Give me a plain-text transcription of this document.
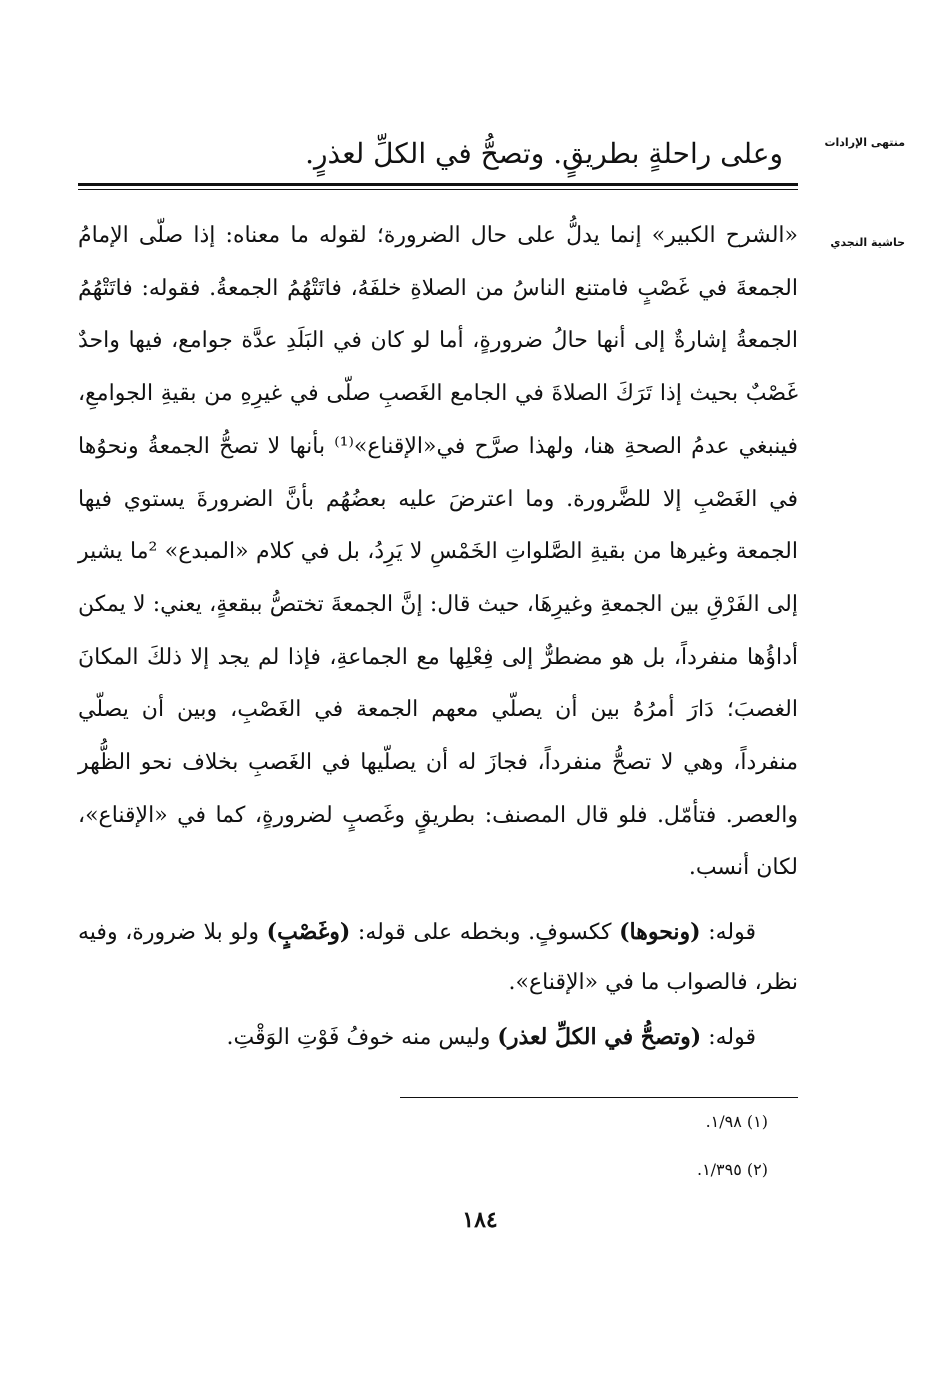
منتهى الإرادات
حاشية النجدي
وعلى راحلةٍ بطريقٍ. وتصحُّ في الكلِّ لعذرٍ.

«الشرح الكبير» إنما يدلُّ على حال الضرورة؛ لقوله ما معناه: إذا صلّى الإمامُ الجمعةَ في غَصْبٍ فامتنع الناسُ من الصلاةِ خلفَهُ، فاتَتْهُمُ الجمعةُ. فقوله: فاتَتْهُمُ الجمعةُ إشارةٌ إلى أنها حالُ ضرورةٍ، أما لو كان في البَلَدِ عدَّة جوامع، فيها واحدٌ غَصْبٌ بحيث إذا تَرَكَ الصلاةَ في الجامع الغَصبِ صلّى في غيرِهِ من بقيةِ الجوامعِ، فينبغي عدمُ الصحةِ هنا، ولهذا صرَّح في«الإقناع»⁽¹⁾ بأنها لا تصحُّ الجمعةُ ونحوُها في الغَصْبِ إلا للضَّرورة. وما اعترضَ عليه بعضُهُم بأنَّ الضرورةَ يستوي فيها الجمعة وغيرها من بقيةِ الصَّلواتِ الخَمْسِ لا يَرِدُ، بل في كلام «المبدع» ²ما يشير إلى الفَرْقِ بين الجمعةِ وغيرِهَا، حيث قال: إنَّ الجمعةَ تختصُّ ببقعةٍ، يعني: لا يمكن أداؤُها منفرداً، بل هو مضطرٌّ إلى فِعْلِها مع الجماعةِ، فإذا لم يجد إلا ذلكَ المكانَ الغصبَ؛ دَارَ أمرُهُ بين أن يصلّي معهم الجمعة في الغَصْبِ، وبين أن يصلّي منفرداً، وهي لا تصحُّ منفرداً، فجازَ له أن يصلّيها في الغَصبِ بخلاف نحو الظُّهر والعصر. فتأمّل. فلو قال المصنف: بطريقٍ وغَصبٍ لضرورةٍ، كما في «الإقناع»، لكان أنسب.

قوله: (ونحوها) ككسوفٍ. وبخطه على قوله: (وغَصْبٍ) ولو بلا ضرورة، وفيه نظر، فالصواب ما في «الإقناع».

قوله: (وتصحُّ في الكلِّ لعذر) وليس منه خوفُ فَوْتِ الوَقْتِ.

(١) ١/٩٨.
(٢) ١/٣٩٥.
١٨٤
